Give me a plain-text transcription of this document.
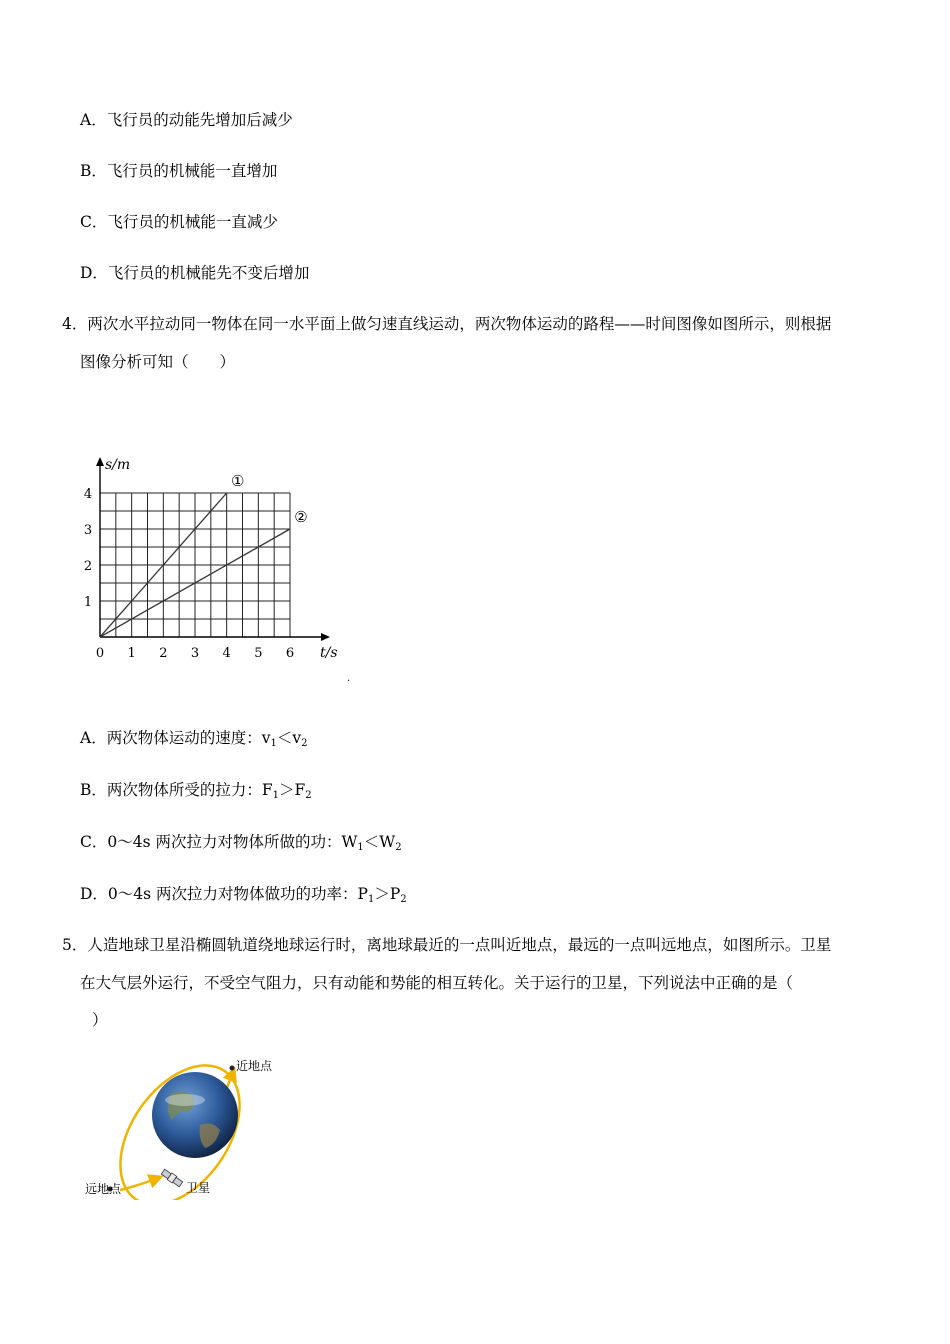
A．飞行员的动能先增加后减少
B．飞行员的机械能一直增加
C．飞行员的机械能一直减少
D．飞行员的机械能先不变后增加
4．两次水平拉动同一物体在同一水平面上做匀速直线运动，两次物体运动的路程——时间图像如图所示，则根据
图像分析可知（　　）
①
②
0 1 2 3 4 5 6
1
2
3
4
s/m
t/s
·
A．两次物体运动的速度：$v_1<v_2$
B．两次物体所受的拉力：$F_1>F_2$
C．0～4s 两次拉力对物体所做的功：$W_1<W_2$
D．0～4s 两次拉力对物体做功的功率：$P_1>P_2$
5．人造地球卫星沿椭圆轨道绕地球运行时，离地球最近的一点叫近地点，最远的一点叫远地点，如图所示。卫星
在大气层外运行，不受空气阻力，只有动能和势能的相互转化。关于运行的卫星，下列说法中正确的是（
）
近地点
远地点	卫星
